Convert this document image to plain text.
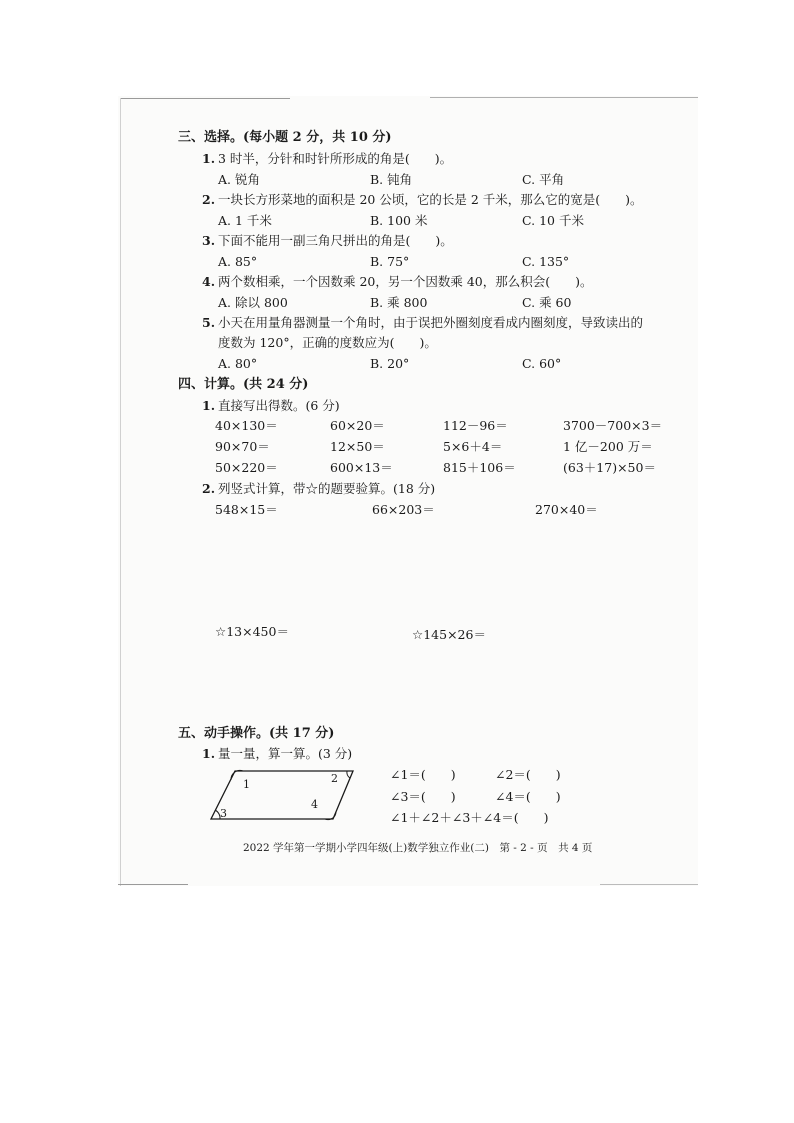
三、选择。(每小题 2 分，共 10 分)
1. 3 时半，分针和时针所形成的角是(　　)。
A. 锐角	B. 钝角	C. 平角
2. 一块长方形菜地的面积是 20 公顷，它的长是 2 千米，那么它的宽是(　　)。
A. 1 千米	B. 100 米	C. 10 千米
3. 下面不能用一副三角尺拼出的角是(　　)。
A. 85°	B. 75°	C. 135°
4. 两个数相乘，一个因数乘 20，另一个因数乘 40，那么积会(　　)。
A. 除以 800	B. 乘 800	C. 乘 60
5. 小天在用量角器测量一个角时，由于误把外圈刻度看成内圈刻度，导致读出的
度数为 120°，正确的度数应为(　　)。
A. 80°	B. 20°	C. 60°
四、计算。(共 24 分)
1. 直接写出得数。(6 分)
40×130＝	60×20＝	112－96＝	3700－700×3＝
90×70＝	12×50＝	5×6＋4＝	1 亿－200 万＝
50×220＝	600×13＝	815＋106＝	(63＋17)×50＝
2. 列竖式计算，带☆的题要验算。(18 分)
548×15＝	66×203＝	270×40＝
☆13×450＝	☆145×26＝
五、动手操作。(共 17 分)
1. 量一量，算一算。(3 分)
1	2
3
4
∠1＝(　　)	∠2＝(　　)
∠3＝(　　)	∠4＝(　　)
∠1＋∠2＋∠3＋∠4＝(　　)
2022 学年第一学期小学四年级(上)数学独立作业(二)　第 - 2 - 页　共 4 页
